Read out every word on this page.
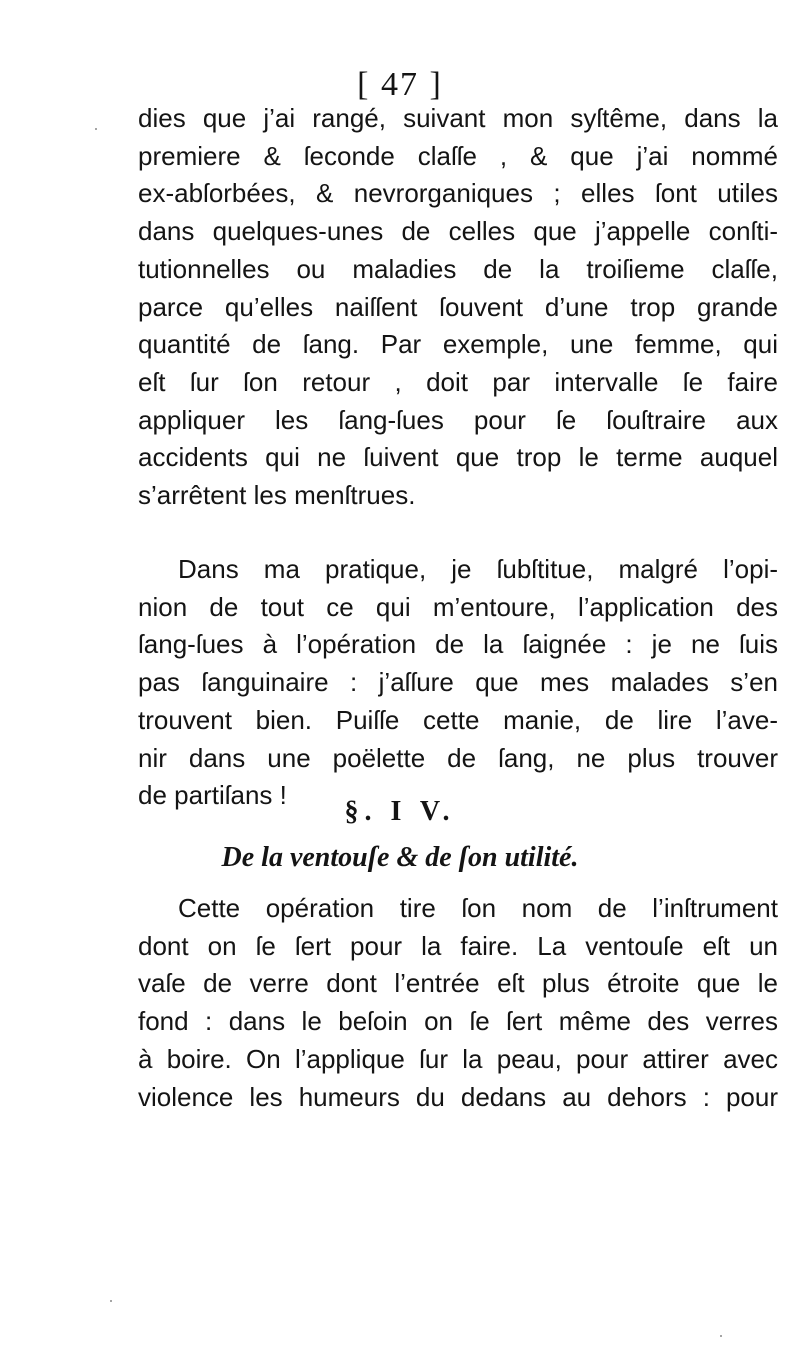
[ 47 ]
dies que j’ai rangé, suivant mon syſtême, dans la
premiere & ſeconde claſſe , & que j’ai nommé
ex-abſorbées, & nevrorganiques ; elles ſont utiles
dans quelques-unes de celles que j’appelle conſti-
tutionnelles ou maladies de la troiſieme claſſe,
parce qu’elles naiſſent ſouvent d’une trop grande
quantité de ſang. Par exemple, une femme, qui
eſt ſur ſon retour , doit par intervalle ſe faire
appliquer les ſang-ſues pour ſe ſouſtraire aux
accidents qui ne ſuivent que trop le terme auquel
s’arrêtent les menſtrues.
Dans ma pratique, je ſubſtitue, malgré l’opi-
nion de tout ce qui m’entoure, l’application des
ſang-ſues à l’opération de la ſaignée : je ne ſuis
pas ſanguinaire : j’aſſure que mes malades s’en
trouvent bien. Puiſſe cette manie, de lire l’ave-
nir dans une poëlette de ſang, ne plus trouver
de partiſans !
§. I V.
De la ventouſe & de ſon utilité.
Cette opération tire ſon nom de l’inſtrument
dont on ſe ſert pour la faire. La ventouſe eſt un
vaſe de verre dont l’entrée eſt plus étroite que le
fond : dans le beſoin on ſe ſert même des verres
à boire. On l’applique ſur la peau, pour attirer avec
violence les humeurs du dedans au dehors : pour
